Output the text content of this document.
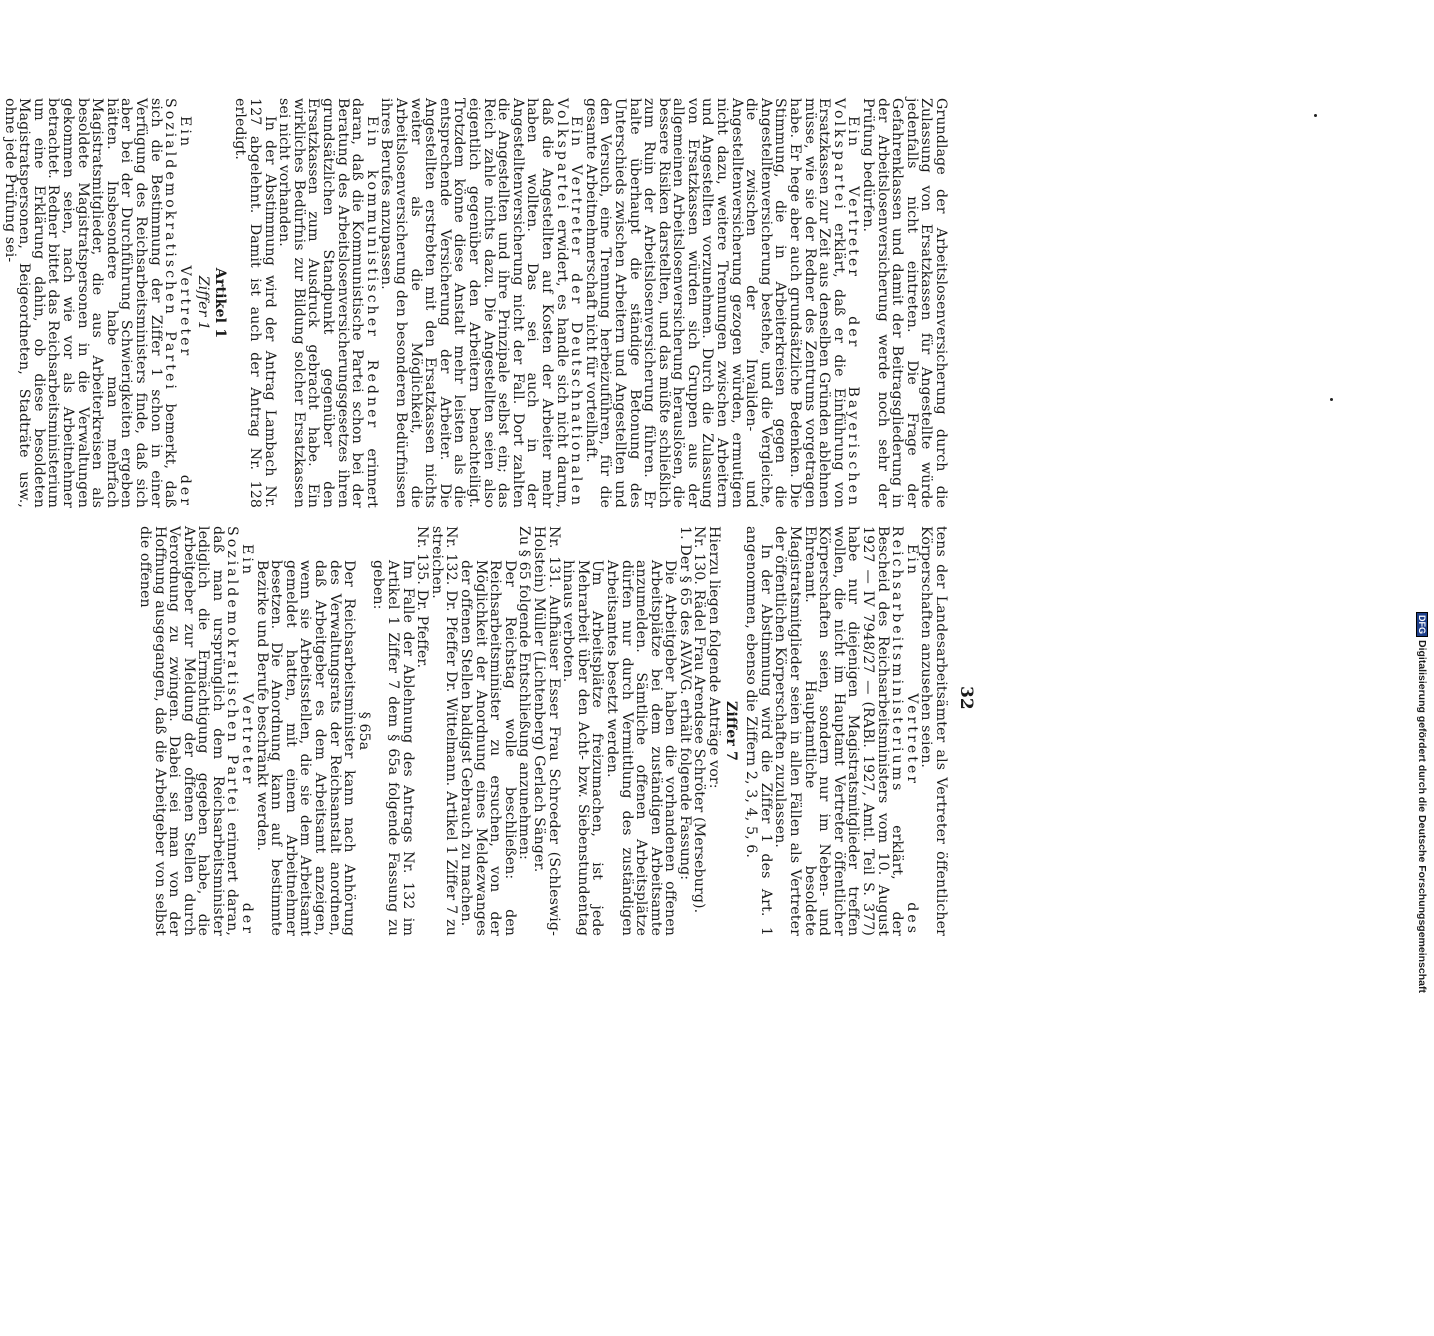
32

Grundlage der Arbeitslosenversicherung durch die Zulassung von Ersatzkassen für Angestellte würde jedenfalls nicht eintreten. Die Frage der Gefahrenklassen und damit der Beitragsgliederung in der Arbeitslosenversicherung werde noch sehr der Prüfung bedürfen.

Ein Vertreter der Bayerischen Volkspartei erklärt, daß er die Einführung von Ersatzkassen zur Zeit aus denselben Gründen ablehnen müsse, wie sie der Redner des Zentrums vorgetragen habe. Er hege aber auch grundsätzliche Bedenken. Die Stimmung, die in Arbeiterkreisen gegen die Angestelltenversicherung bestehe, und die Vergleiche, die zwischen der Invaliden- und Angestelltenversicherung gezogen würden, ermutigen nicht dazu, weitere Trennungen zwischen Arbeitern und Angestellten vorzunehmen. Durch die Zulassung von Ersatzkassen würden sich Gruppen aus der allgemeinen Arbeitslosenversicherung herauslösen, die bessere Risiken darstellten, und das müßte schließlich zum Ruin der Arbeitslosenversicherung führen. Er halte überhaupt die ständige Betonung des Unterschieds zwischen Arbeitern und Angestellten und den Versuch, eine Trennung herbeizuführen, für die gesamte Arbeitnehmerschaft nicht für vorteilhaft.

Ein Vertreter der Deutschnationalen Volkspartei erwidert, es handle sich nicht darum, daß die Angestellten auf Kosten der Arbeiter mehr haben wollten. Das sei auch in der Angestelltenversicherung nicht der Fall. Dort zahlten die Angestellten und ihre Prinzipale selbst ein; das Reich zahle nichts dazu. Die Angestellten seien also eigentlich gegenüber den Arbeitern benachteiligt. Trotzdem könne diese Anstalt mehr leisten als die entsprechende Versicherung der Arbeiter. Die Angestellten erstrebten mit den Ersatzkassen nichts weiter als die Möglichkeit, die Arbeitslosenversicherung den besonderen Bedürfnissen ihres Berufes anzupassen.

Ein kommunistischer Redner erinnert daran, daß die Kommunistische Partei schon bei der Beratung des Arbeitslosenversicherungsgesetzes ihren grundsätzlichen Standpunkt gegenüber den Ersatzkassen zum Ausdruck gebracht habe. Ein wirkliches Bedürfnis zur Bildung solcher Ersatzkassen sei nicht vorhanden.

In der Abstimmung wird der Antrag Lambach Nr. 127 abgelehnt. Damit ist auch der Antrag Nr. 128 erledigt.

Artikel 1

Ziffer 1

Ein Vertreter der Sozialdemokratischen Partei bemerkt, daß sich die Bestimmung der Ziffer 1 schon in einer Verfügung des Reichsarbeitsministers finde, daß sich aber bei der Durchführung Schwierigkeiten ergeben hätten. Insbesondere habe man mehrfach Magistratsmitglieder, die aus Arbeiterkreisen als besoldete Magistratspersonen in die Verwaltungen gekommen seien, nach wie vor als Arbeitnehmer betrachtet. Redner bittet das Reichsarbeitsministerium um eine Erklärung dahin, ob diese besoldeten Magistratspersonen, Beigeordneten, Stadträte usw., ohne jede Prüfung sei-

tens der Landesarbeitsämter als Vertreter öffentlicher Körperschaften anzusehen seien.

Ein Vertreter des Reichsarbeitsministeriums erklärt, der Bescheid des Reichsarbeitsministers vom 10. August 1927 — IV 7948/27 — (RABl. 1927, Amtl. Teil S. 377) habe nur diejenigen Magistratsmitglieder treffen wollen, die nicht im Hauptamt Vertreter öffentlicher Körperschaften seien, sondern nur im Neben- und Ehrenamt. Hauptamtliche besoldete Magistratsmitglieder seien in allen Fällen als Vertreter der öffentlichen Körperschaften zuzulassen.

In der Abstimmung wird die Ziffer 1 des Art. 1 angenommen, ebenso die Ziffern 2, 3, 4, 5, 6.

Ziffer 7

Hierzu liegen folgende Anträge vor:

Nr. 130. Rädel Frau Arendsee Schröter (Merseburg).

1. Der § 65 des AVAVG. erhält folgende Fassung:

Die Arbeitgeber haben die vorhandenen offenen Arbeitsplätze bei dem zuständigen Arbeitsamte anzumelden. Sämtliche offenen Arbeitsplätze dürfen nur durch Vermittlung des zuständigen Arbeitsamtes besetzt werden.

Um Arbeitsplätze freizumachen, ist jede Mehrarbeit über den Acht- bzw. Siebenstundentag hinaus verboten.

Nr. 131. Aufhäuser Esser Frau Schroeder (Schleswig-Holstein) Müller (Lichtenberg) Gerlach Sänger.

Zu § 65 folgende Entschließung anzunehmen:

Der Reichstag wolle beschließen: den Reichsarbeitsminister zu ersuchen, von der Möglichkeit der Anordnung eines Meldezwanges der offenen Stellen baldigst Gebrauch zu machen.

Nr. 132. Dr. Pfeffer Dr. Wittelmann. Artikel 1 Ziffer 7 zu streichen.

Nr. 135. Dr. Pfeffer.

Im Falle der Ablehnung des Antrags Nr. 132 im Artikel 1 Ziffer 7 dem § 65a folgende Fassung zu geben:

§ 65a

Der Reichsarbeitsminister kann nach Anhörung des Verwaltungsrats der Reichsanstalt anordnen, daß Arbeitgeber es dem Arbeitsamt anzeigen, wenn sie Arbeitsstellen, die sie dem Arbeitsamt gemeldet hatten, mit einem Arbeitnehmer besetzen. Die Anordnung kann auf bestimmte Bezirke und Berufe beschränkt werden.

Ein Vertreter der Sozialdemokratischen Partei erinnert daran, daß man ursprünglich dem Reichsarbeitsminister lediglich die Ermächtigung gegeben habe, die Arbeitgeber zur Meldung der offenen Stellen durch Verordnung zu zwingen. Dabei sei man von der Hoffnung ausgegangen, daß die Arbeitgeber von selbst die offenen

DFGDigitalisierung gefördert durch die Deutsche Forschungsgemeinschaft
